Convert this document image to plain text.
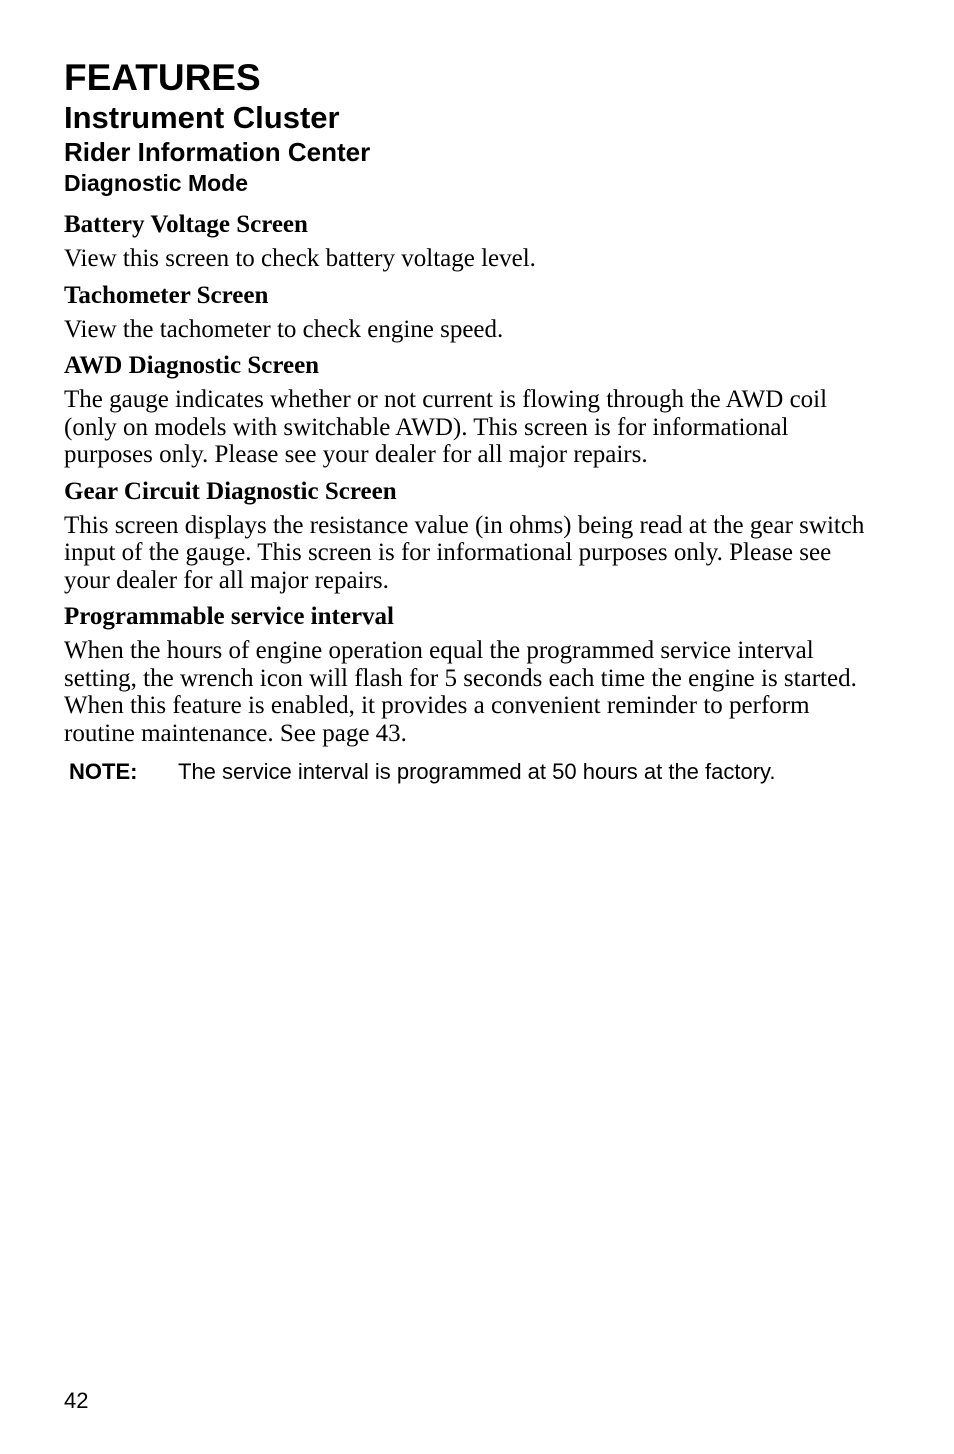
FEATURES
Instrument Cluster
Rider Information Center
Diagnostic Mode

Battery Voltage Screen

View this screen to check battery voltage level.

Tachometer Screen

View the tachometer to check engine speed.

AWD Diagnostic Screen

The gauge indicates whether or not current is flowing through the AWD coil (only on models with switchable AWD). This screen is for informational purposes only. Please see your dealer for all major repairs.

Gear Circuit Diagnostic Screen

This screen displays the resistance value (in ohms) being read at the gear switch input of the gauge. This screen is for informational purposes only. Please see your dealer for all major repairs.

Programmable service interval

When the hours of engine operation equal the programmed service interval setting, the wrench icon will flash for 5 seconds each time the engine is started. When this feature is enabled, it provides a convenient reminder to perform routine maintenance. See page 43.

NOTE:	The service interval is programmed at 50 hours at the factory.
42
